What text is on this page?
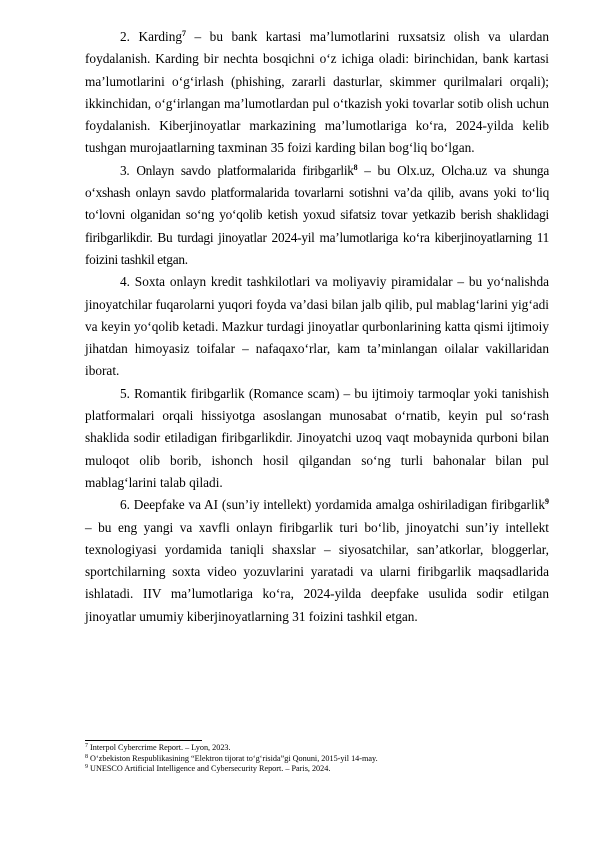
2. Karding$^7$ – bu bank kartasi ma’lumotlarini ruxsatsiz olish va ulardan foydalanish. Karding bir nechta bosqichni o‘z ichiga oladi: birinchidan, bank kartasi ma’lumotlarini o‘g‘irlash (phishing, zararli dasturlar, skimmer qurilmalari orqali); ikkinchidan, o‘g‘irlangan ma’lumotlardan pul o‘tkazish yoki tovarlar sotib olish uchun foydalanish. Kiberjinoyatlar markazining ma’lumotlariga ko‘ra, 2024-yilda kelib tushgan murojaatlarning taxminan 35 foizi karding bilan bog‘liq bo‘lgan.

3. Onlayn savdo platformalarida firibgarlik$^8$ – bu Olx.uz, Olcha.uz va shunga o‘xshash onlayn savdo platformalarida tovarlarni sotishni va’da qilib, avans yoki to‘liq to‘lovni olganidan so‘ng yo‘qolib ketish yoxud sifatsiz tovar yetkazib berish shaklidagi firibgarlikdir. Bu turdagi jinoyatlar 2024-yil ma’lumotlariga ko‘ra kiberjinoyatlarning 11 foizini tashkil etgan.

4. Soxta onlayn kredit tashkilotlari va moliyaviy piramidalar – bu yo‘nalishda jinoyatchilar fuqarolarni yuqori foyda va’dasi bilan jalb qilib, pul mablag‘larini yig‘adi va keyin yo‘qolib ketadi. Mazkur turdagi jinoyatlar qurbonlarining katta qismi ijtimoiy jihatdan himoyasiz toifalar – nafaqaxo‘rlar, kam ta’minlangan oilalar vakillaridan iborat.

5. Romantik firibgarlik (Romance scam) – bu ijtimoiy tarmoqlar yoki tanishish platformalari orqali hissiyotga asoslangan munosabat o‘rnatib, keyin pul so‘rash shaklida sodir etiladigan firibgarlikdir. Jinoyatchi uzoq vaqt mobaynida qurboni bilan muloqot olib borib, ishonch hosil qilgandan so‘ng turli bahonalar bilan pul mablag‘larini talab qiladi.

6. Deepfake va AI (sun’iy intellekt) yordamida amalga oshiriladigan firibgarlik$^9$ – bu eng yangi va xavfli onlayn firibgarlik turi bo‘lib, jinoyatchi sun’iy intellekt texnologiyasi yordamida taniqli shaxslar – siyosatchilar, san’atkorlar, bloggerlar, sportchilarning soxta video yozuvlarini yaratadi va ularni firibgarlik maqsadlarida ishlatadi. IIV ma’lumotlariga ko‘ra, 2024-yilda deepfake usulida sodir etilgan jinoyatlar umumiy kiberjinoyatlarning 31 foizini tashkil etgan.

$^7$ Interpol Cybercrime Report. – Lyon, 2023.

$^8$ O‘zbekiston Respublikasining “Elektron tijorat to‘g‘risida”gi Qonuni, 2015-yil 14-may.

$^9$ UNESCO Artificial Intelligence and Cybersecurity Report. – Paris, 2024.
